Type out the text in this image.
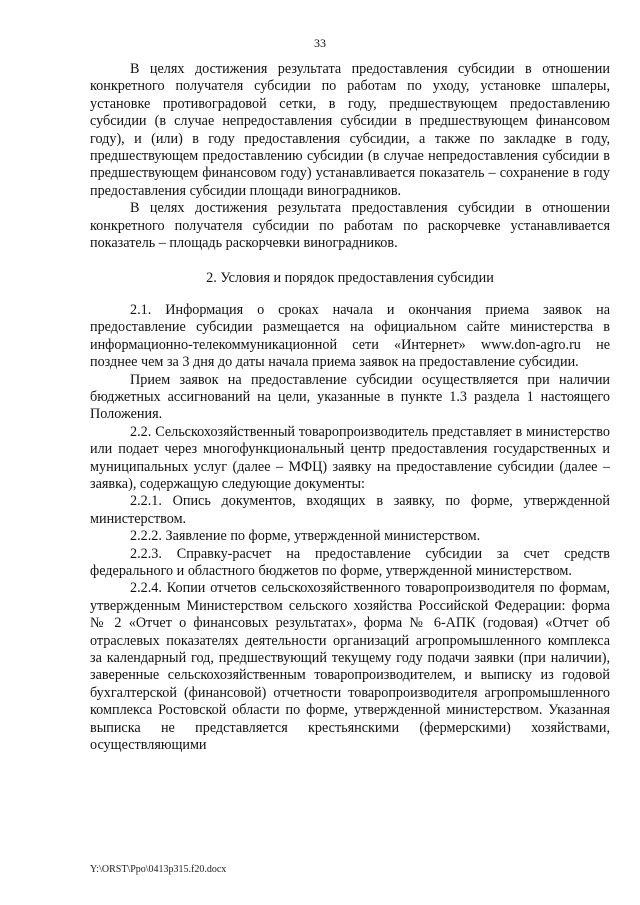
33

В целях достижения результата предоставления субсидии в отношении конкретного получателя субсидии по работам по уходу, установке шпалеры, установке противоградовой сетки, в году, предшествующем предоставлению субсидии (в случае непредоставления субсидии в предшествующем финансовом году), и (или) в году предоставления субсидии, а также по закладке в году, предшествующем предоставлению субсидии (в случае непредоставления субсидии в предшествующем финансовом году) устанавливается показатель – сохранение в году предоставления субсидии площади виноградников.

В целях достижения результата предоставления субсидии в отношении конкретного получателя субсидии по работам по раскорчевке устанавливается показатель – площадь раскорчевки виноградников.

2. Условия и порядок предоставления субсидии

2.1. Информация о сроках начала и окончания приема заявок на предоставление субсидии размещается на официальном сайте министерства в информационно-телекоммуникационной сети «Интернет» www.don-agro.ru не позднее чем за 3 дня до даты начала приема заявок на предоставление субсидии.

Прием заявок на предоставление субсидии осуществляется при наличии бюджетных ассигнований на цели, указанные в пункте 1.3 раздела 1 настоящего Положения.

2.2. Сельскохозяйственный товаропроизводитель представляет в министерство или подает через многофункциональный центр предоставления государственных и муниципальных услуг (далее – МФЦ) заявку на предоставление субсидии (далее – заявка), содержащую следующие документы:

2.2.1. Опись документов, входящих в заявку, по форме, утвержденной министерством.

2.2.2. Заявление по форме, утвержденной министерством.

2.2.3. Справку-расчет на предоставление субсидии за счет средств федерального и областного бюджетов по форме, утвержденной министерством.

2.2.4. Копии отчетов сельскохозяйственного товаропроизводителя по формам, утвержденным Министерством сельского хозяйства Российской Федерации: форма № 2 «Отчет о финансовых результатах», форма № 6-АПК (годовая) «Отчет об отраслевых показателях деятельности организаций агропромышленного комплекса за календарный год, предшествующий текущему году подачи заявки (при наличии), заверенные сельскохозяйственным товаропроизводителем, и выписку из годовой бухгалтерской (финансовой) отчетности товаропроизводителя агропромышленного комплекса Ростовской области по форме, утвержденной министерством. Указанная выписка не представляется крестьянскими (фермерскими) хозяйствами, осуществляющими

Y:\ORST\Ppo\0413p315.f20.docx
